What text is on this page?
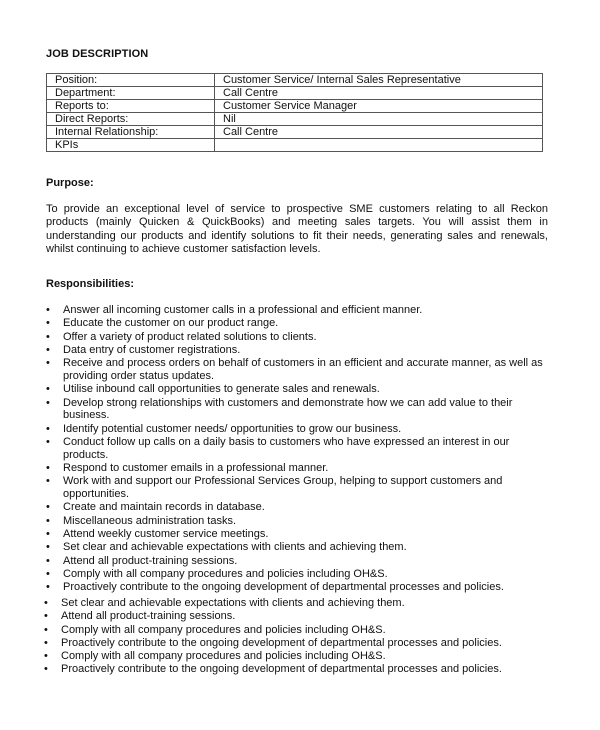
JOB DESCRIPTION
Position:	Customer Service/ Internal Sales Representative
Department:	Call Centre
Reports to:	Customer Service Manager
Direct Reports:	Nil
Internal Relationship:	Call Centre
KPIs	
Purpose:
To provide an exceptional level of service to prospective SME customers relating to all Reckon
products (mainly Quicken & QuickBooks) and meeting sales targets. You will assist them in
understanding our products and identify solutions to fit their needs, generating sales and renewals,
whilst continuing to achieve customer satisfaction levels.
Responsibilities:
• Answer all incoming customer calls in a professional and efficient manner.
• Educate the customer on our product range.
• Offer a variety of product related solutions to clients.
• Data entry of customer registrations.
• Receive and process orders on behalf of customers in an efficient and accurate manner, as well as providing order status updates.
• Utilise inbound call opportunities to generate sales and renewals.
• Develop strong relationships with customers and demonstrate how we can add value to their business.
• Identify potential customer needs/ opportunities to grow our business.
• Conduct follow up calls on a daily basis to customers who have expressed an interest in our products.
• Respond to customer emails in a professional manner.
• Work with and support our Professional Services Group, helping to support customers and opportunities.
• Create and maintain records in database.
• Miscellaneous administration tasks.
• Attend weekly customer service meetings.
• Set clear and achievable expectations with clients and achieving them.
• Attend all product-training sessions.
• Comply with all company procedures and policies including OH&S.
• Proactively contribute to the ongoing development of departmental processes and policies.
• Set clear and achievable expectations with clients and achieving them.
• Attend all product-training sessions.
• Comply with all company procedures and policies including OH&S.
• Proactively contribute to the ongoing development of departmental processes and policies.
• Comply with all company procedures and policies including OH&S.
• Proactively contribute to the ongoing development of departmental processes and policies.
